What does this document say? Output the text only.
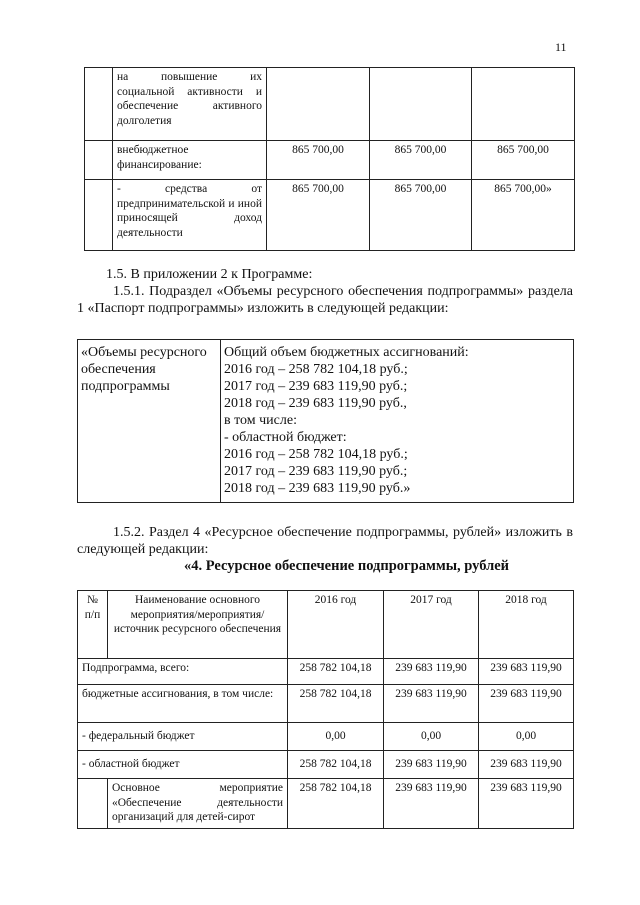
11
	на повышение их социальной активности и обеспечение активного долголетия			
	внебюджетное финансирование:	865 700,00	865 700,00	865 700,00
	- средства от предпринимательской и иной приносящей доход деятельности	865 700,00	865 700,00	865 700,00»

1.5. В приложении 2 к Программе:

1.5.1. Подраздел «Объемы ресурсного обеспечения подпрограммы» раздела 1 «Паспорт подпрограммы» изложить в следующей редакции:

«Объемы ресурсного обеспечения подпрограммы	
Общий объем бюджетных ассигнований:
2016 год – 258 782 104,18 руб.;
2017 год – 239 683 119,90 руб.;
2018 год – 239 683 119,90 руб.,
в том числе:
- областной бюджет:
2016 год – 258 782 104,18 руб.;
2017 год – 239 683 119,90 руб.;
2018 год – 239 683 119,90 руб.»

1.5.2. Раздел 4 «Ресурсное обеспечение подпрограммы, рублей» изложить в следующей редакции:

«4. Ресурсное обеспечение подпрограммы, рублей
№ п/п	Наименование основного мероприятия/мероприятия/ источник ресурсного обеспечения	2016 год	2017 год	2018 год
Подпрограмма, всего:		258 782 104,18	239 683 119,90	239 683 119,90
бюджетные ассигнования, в том числе:		258 782 104,18	239 683 119,90	239 683 119,90
- федеральный бюджет		0,00	0,00	0,00
- областной бюджет		258 782 104,18	239 683 119,90	239 683 119,90
	Основное мероприятие «Обеспечение деятельности организаций для детей-сирот	258 782 104,18	239 683 119,90	239 683 119,90
